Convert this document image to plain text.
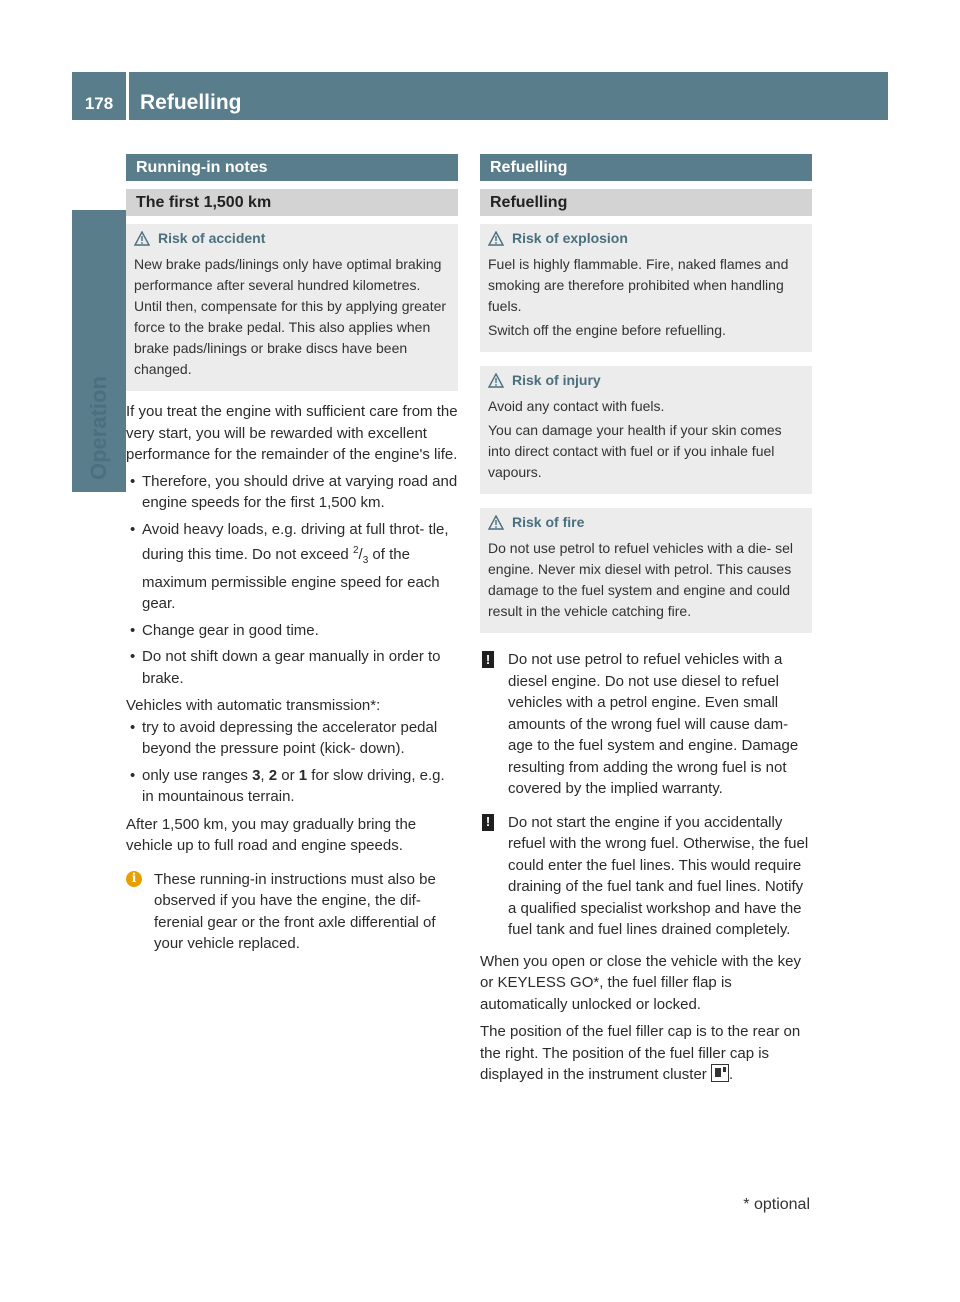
178	Refuelling
Operation
Running-in notes
The first 1,500 km
Risk of accident

New brake pads/linings only have optimal braking performance after several hundred kilometres. Until then, compensate for this by applying greater force to the brake pedal. This also applies when brake pads/linings or brake discs have been changed.

If you treat the engine with sufficient care from the very start, you will be rewarded with excellent performance for the remainder of the engine's life.

• Therefore, you should drive at varying road and engine speeds for the first 1,500 km.
• Avoid heavy loads, e.g. driving at full throt- tle, during this time. Do not exceed $^2/_3$ of the maximum permissible engine speed for each gear.
• Change gear in good time.
• Do not shift down a gear manually in order to brake.

Vehicles with automatic transmission*:

• try to avoid depressing the accelerator pedal beyond the pressure point (kick- down).
• only use ranges 3, 2 or 1 for slow driving, e.g. in mountainous terrain.

After 1,500 km, you may gradually bring the vehicle up to full road and engine speeds.

i	These running-in instructions must also be observed if you have the engine, the dif- ferenial gear or the front axle differential of your vehicle replaced.
Refuelling
Refuelling
Risk of explosion

Fuel is highly flammable. Fire, naked flames and smoking are therefore prohibited when handling fuels.

Switch off the engine before refuelling.

Risk of injury

Avoid any contact with fuels.

You can damage your health if your skin comes into direct contact with fuel or if you inhale fuel vapours.

Risk of fire

Do not use petrol to refuel vehicles with a die- sel engine. Never mix diesel with petrol. This causes damage to the fuel system and engine and could result in the vehicle catching fire.

! Do not use petrol to refuel vehicles with a diesel engine. Do not use diesel to refuel vehicles with a petrol engine. Even small amounts of the wrong fuel will cause dam- age to the fuel system and engine. Damage resulting from adding the wrong fuel is not covered by the implied warranty.
! Do not start the engine if you accidentally refuel with the wrong fuel. Otherwise, the fuel could enter the fuel lines. This would require draining of the fuel tank and fuel lines. Notify a qualified specialist workshop and have the fuel tank and fuel lines drained completely.

When you open or close the vehicle with the key or KEYLESS GO*, the fuel filler flap is automatically unlocked or locked.

The position of the fuel filler cap is to the rear on the right. The position of the fuel filler cap is displayed in the instrument cluster .

* optional
